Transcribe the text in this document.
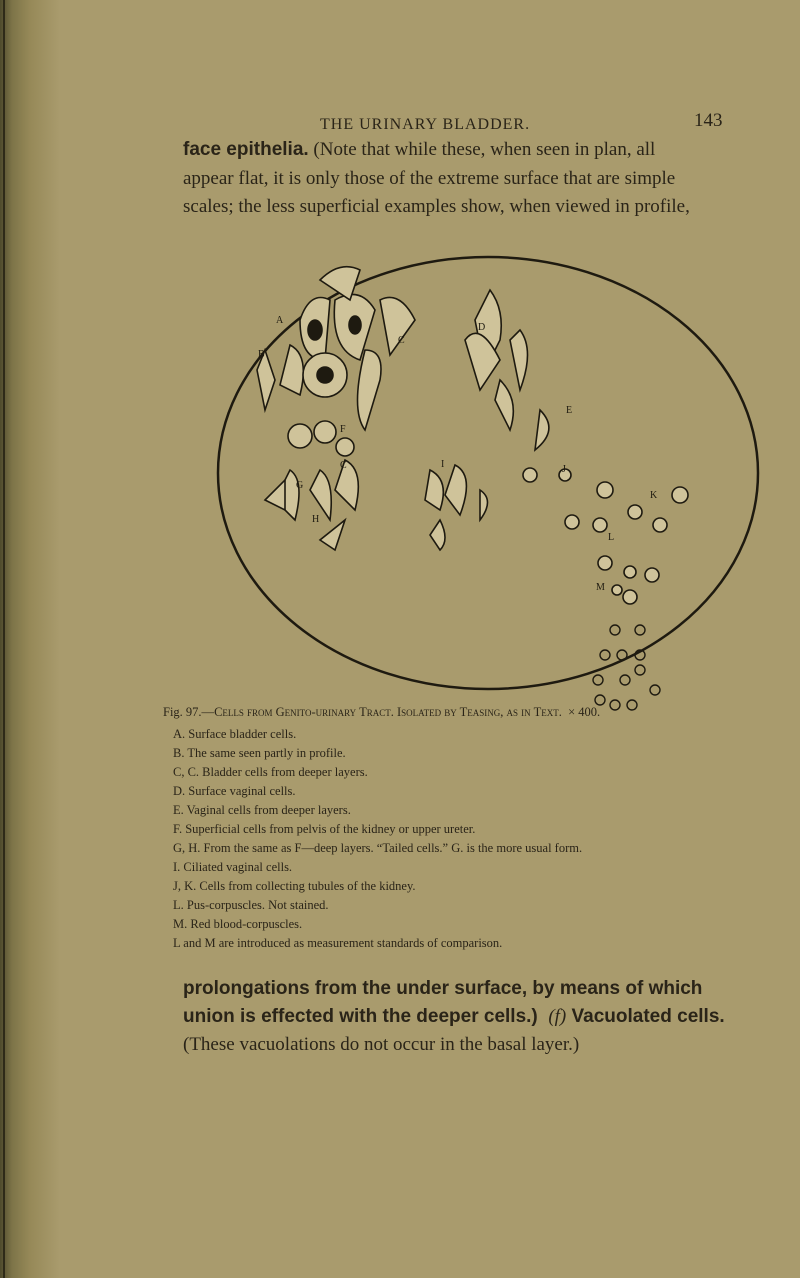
THE URINARY BLADDER.	143
face epithelia. (Note that while these, when seen in plan, all
appear flat, it is only those of the extreme surface that are simple
scales; the less superficial examples show, when viewed in profile,
A
B
C
C
D
E
F
G
H
I	J
K
L
M
Fig. 97.—Cells from Genito-urinary Tract. Isolated by Teasing, as in Text. × 400.
A. Surface bladder cells.
B. The same seen partly in profile.
C, C. Bladder cells from deeper layers.
D. Surface vaginal cells.
E. Vaginal cells from deeper layers.
F. Superficial cells from pelvis of the kidney or upper ureter.
G, H. From the same as F—deep layers. “Tailed cells.” G. is the more usual form.
I. Ciliated vaginal cells.
J, K. Cells from collecting tubules of the kidney.
L. Pus-corpuscles. Not stained.
M. Red blood-corpuscles.
L and M are introduced as measurement standards of comparison.
prolongations from the under surface, by means of which
union is effected with the deeper cells.) (f) Vacuolated cells.
(These vacuolations do not occur in the basal layer.)
